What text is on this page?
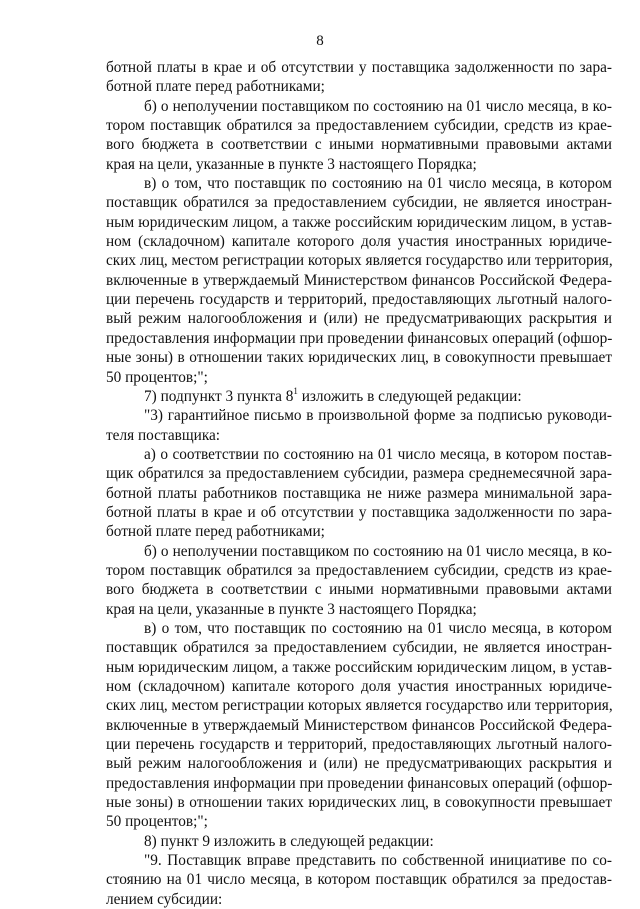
8
ботной платы в крае и об отсутствии у поставщика задолженности по зара-
ботной плате перед работниками;
б) о неполучении поставщиком по состоянию на 01 число месяца, в ко-
тором поставщик обратился за предоставлением субсидии, средств из крае-
вого бюджета в соответствии с иными нормативными правовыми актами
края на цели, указанные в пункте 3 настоящего Порядка;
в) о том, что поставщик по состоянию на 01 число месяца, в котором
поставщик обратился за предоставлением субсидии, не является иностран-
ным юридическим лицом, а также российским юридическим лицом, в устав-
ном (складочном) капитале которого доля участия иностранных юридиче-
ских лиц, местом регистрации которых является государство или территория,
включенные в утверждаемый Министерством финансов Российской Федера-
ции перечень государств и территорий, предоставляющих льготный налого-
вый режим налогообложения и (или) не предусматривающих раскрытия и
предоставления информации при проведении финансовых операций (офшор-
ные зоны) в отношении таких юридических лиц, в совокупности превышает
50 процентов;";
7) подпункт 3 пункта $8^1$ изложить в следующей редакции:
"3) гарантийное письмо в произвольной форме за подписью руководи-
теля поставщика:
а) о соответствии по состоянию на 01 число месяца, в котором постав-
щик обратился за предоставлением субсидии, размера среднемесячной зара-
ботной платы работников поставщика не ниже размера минимальной зара-
ботной платы в крае и об отсутствии у поставщика задолженности по зара-
ботной плате перед работниками;
б) о неполучении поставщиком по состоянию на 01 число месяца, в ко-
тором поставщик обратился за предоставлением субсидии, средств из крае-
вого бюджета в соответствии с иными нормативными правовыми актами
края на цели, указанные в пункте 3 настоящего Порядка;
в) о том, что поставщик по состоянию на 01 число месяца, в котором
поставщик обратился за предоставлением субсидии, не является иностран-
ным юридическим лицом, а также российским юридическим лицом, в устав-
ном (складочном) капитале которого доля участия иностранных юридиче-
ских лиц, местом регистрации которых является государство или территория,
включенные в утверждаемый Министерством финансов Российской Федера-
ции перечень государств и территорий, предоставляющих льготный налого-
вый режим налогообложения и (или) не предусматривающих раскрытия и
предоставления информации при проведении финансовых операций (офшор-
ные зоны) в отношении таких юридических лиц, в совокупности превышает
50 процентов;";
8) пункт 9 изложить в следующей редакции:
"9. Поставщик вправе представить по собственной инициативе по со-
стоянию на 01 число месяца, в котором поставщик обратился за предостав-
лением субсидии:
